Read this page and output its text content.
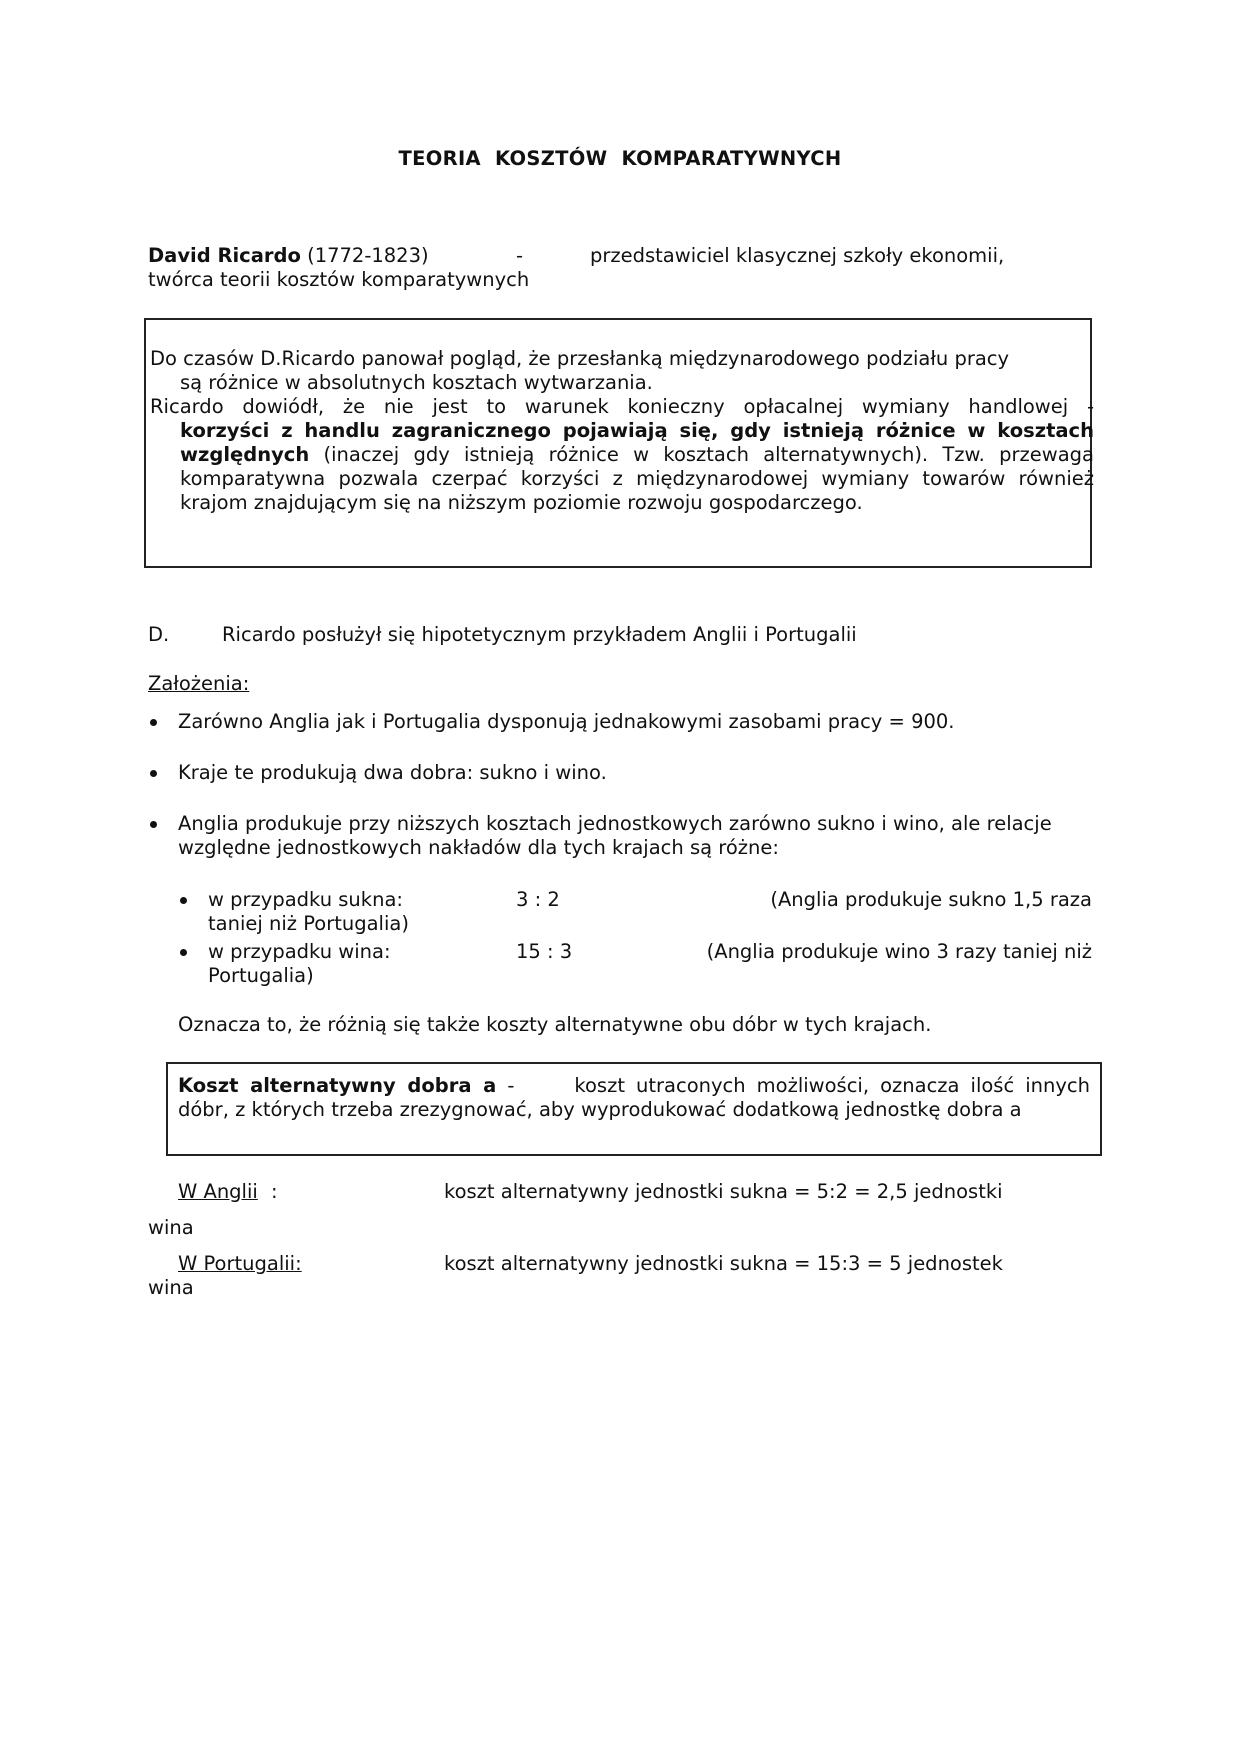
TEORIA KOSZTÓW KOMPARATYWNYCH
David Ricardo (1772-1823)	-	przedstawiciel klasycznej szkoły ekonomii,
twórca teorii kosztów komparatywnych
Do czasów D.Ricardo panował pogląd, że przesłanką międzynarodowego podziału pracy
są różnice w absolutnych kosztach wytwarzania.
Ricardo dowiódł, że nie jest to warunek konieczny opłacalnej wymiany handlowej -
korzyści z handlu zagranicznego pojawiają się, gdy istnieją różnice w kosztach względnych (inaczej gdy istnieją różnice w kosztach alternatywnych). Tzw. przewaga komparatywna pozwala czerpać korzyści z międzynarodowej wymiany towarów również krajom znajdującym się na niższym poziomie rozwoju gospodarczego.
D.	Ricardo posłużył się hipotetycznym przykładem Anglii i Portugalii
Założenia:
Zarówno Anglia jak i Portugalia dysponują jednakowymi zasobami pracy = 900.
Kraje te produkują dwa dobra: sukno i wino.
Anglia produkuje przy niższych kosztach jednostkowych zarówno sukno i wino, ale relacje względne jednostkowych nakładów dla tych krajach są różne:
w przypadku sukna:	3 : 2	(Anglia produkuje sukno 1,5 raza
taniej niż Portugalia)
w przypadku wina:	15 : 3	(Anglia produkuje wino 3 razy taniej niż
Portugalia)
Oznacza to, że różnią się także koszty alternatywne obu dóbr w tych krajach.
Koszt alternatywny dobra a -	koszt utraconych możliwości, oznacza ilość innych dóbr, z których trzeba zrezygnować, aby wyprodukować dodatkową jednostkę dobra a
W Anglii :	koszt alternatywny jednostki sukna = 5:2 = 2,5 jednostki
wina
W Portugalii:	koszt alternatywny jednostki sukna = 15:3 = 5 jednostek
wina
